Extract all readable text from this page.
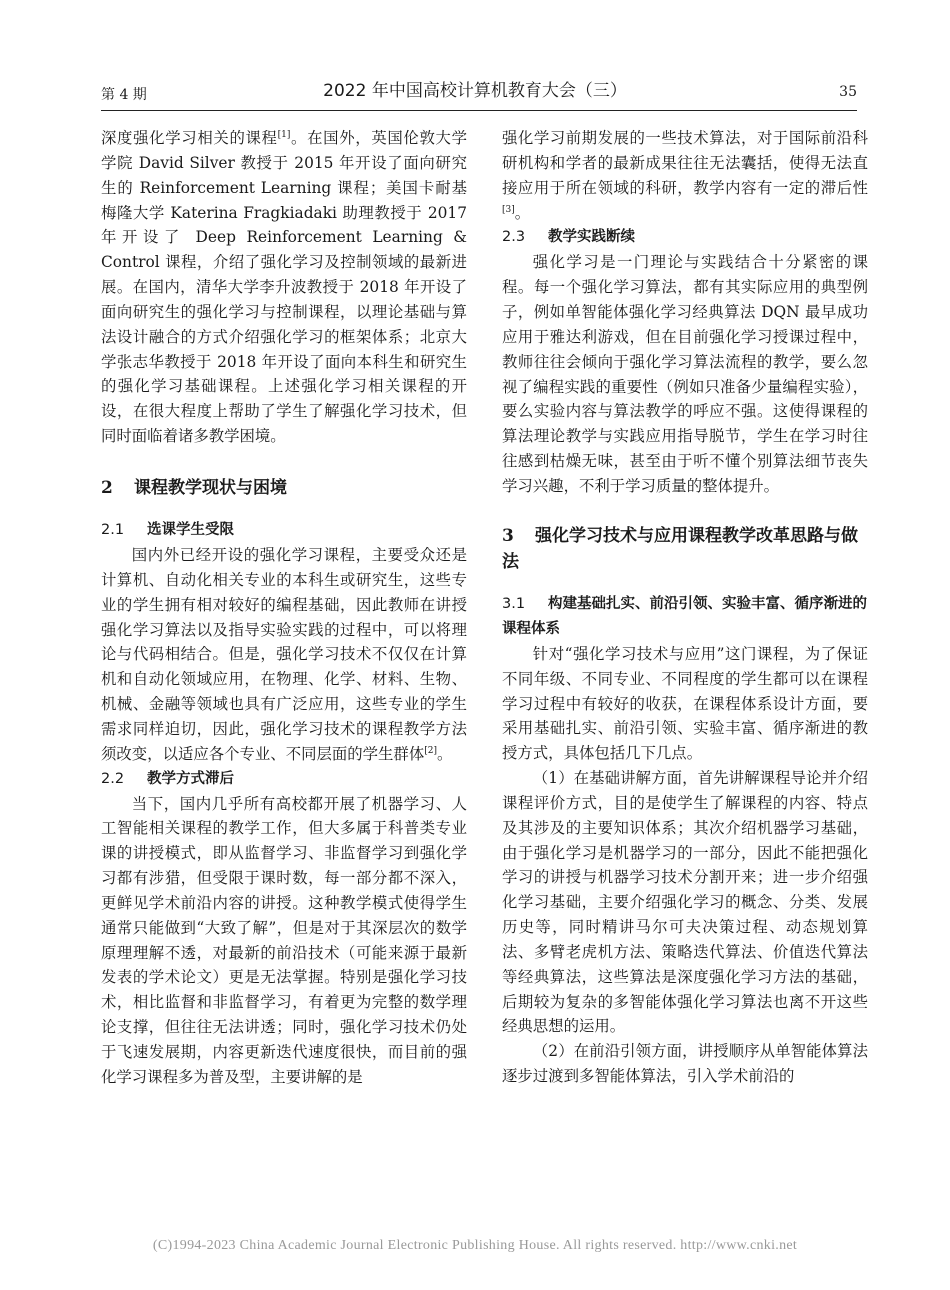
第 4 期	2022 年中国高校计算机教育大会（三）	35

深度强化学习相关的课程[1]。在国外，英国伦敦大学学院 David Silver 教授于 2015 年开设了面向研究生的 Reinforcement Learning 课程；美国卡耐基梅隆大学 Katerina Fragkiadaki 助理教授于 2017 年开设了 Deep Reinforcement Learning & Control 课程，介绍了强化学习及控制领域的最新进展。在国内，清华大学李升波教授于 2018 年开设了面向研究生的强化学习与控制课程，以理论基础与算法设计融合的方式介绍强化学习的框架体系；北京大学张志华教授于 2018 年开设了面向本科生和研究生的强化学习基础课程。上述强化学习相关课程的开设，在很大程度上帮助了学生了解强化学习技术，但同时面临着诸多教学困境。

2 课程教学现状与困境
2.1 选课学生受限

国内外已经开设的强化学习课程，主要受众还是计算机、自动化相关专业的本科生或研究生，这些专业的学生拥有相对较好的编程基础，因此教师在讲授强化学习算法以及指导实验实践的过程中，可以将理论与代码相结合。但是，强化学习技术不仅仅在计算机和自动化领域应用，在物理、化学、材料、生物、机械、金融等领域也具有广泛应用，这些专业的学生需求同样迫切，因此，强化学习技术的课程教学方法须改变，以适应各个专业、不同层面的学生群体[2]。

2.2 教学方式滞后

当下，国内几乎所有高校都开展了机器学习、人工智能相关课程的教学工作，但大多属于科普类专业课的讲授模式，即从监督学习、非监督学习到强化学习都有涉猎，但受限于课时数，每一部分都不深入，更鲜见学术前沿内容的讲授。这种教学模式使得学生通常只能做到“大致了解”，但是对于其深层次的数学原理理解不透，对最新的前沿技术（可能来源于最新发表的学术论文）更是无法掌握。特别是强化学习技术，相比监督和非监督学习，有着更为完整的数学理论支撑，但往往无法讲透；同时，强化学习技术仍处于飞速发展期，内容更新迭代速度很快，而目前的强化学习课程多为普及型，主要讲解的是

强化学习前期发展的一些技术算法，对于国际前沿科研机构和学者的最新成果往往无法囊括，使得无法直接应用于所在领域的科研，教学内容有一定的滞后性[3]。

2.3 教学实践断续

强化学习是一门理论与实践结合十分紧密的课程。每一个强化学习算法，都有其实际应用的典型例子，例如单智能体强化学习经典算法 DQN 最早成功应用于雅达利游戏，但在目前强化学习授课过程中，教师往往会倾向于强化学习算法流程的教学，要么忽视了编程实践的重要性（例如只准备少量编程实验），要么实验内容与算法教学的呼应不强。这使得课程的算法理论教学与实践应用指导脱节，学生在学习时往往感到枯燥无味，甚至由于听不懂个别算法细节丧失学习兴趣，不利于学习质量的整体提升。

3 强化学习技术与应用课程教学改革思路与做法
3.1 构建基础扎实、前沿引领、实验丰富、循序渐进的课程体系

针对“强化学习技术与应用”这门课程，为了保证不同年级、不同专业、不同程度的学生都可以在课程学习过程中有较好的收获，在课程体系设计方面，要采用基础扎实、前沿引领、实验丰富、循序渐进的教授方式，具体包括几下几点。

（1）在基础讲解方面，首先讲解课程导论并介绍课程评价方式，目的是使学生了解课程的内容、特点及其涉及的主要知识体系；其次介绍机器学习基础，由于强化学习是机器学习的一部分，因此不能把强化学习的讲授与机器学习技术分割开来；进一步介绍强化学习基础，主要介绍强化学习的概念、分类、发展历史等，同时精讲马尔可夫决策过程、动态规划算法、多臂老虎机方法、策略迭代算法、价值迭代算法等经典算法，这些算法是深度强化学习方法的基础，后期较为复杂的多智能体强化学习算法也离不开这些经典思想的运用。

（2）在前沿引领方面，讲授顺序从单智能体算法逐步过渡到多智能体算法，引入学术前沿的

(C)1994-2023 China Academic Journal Electronic Publishing House. All rights reserved. http://www.cnki.net
